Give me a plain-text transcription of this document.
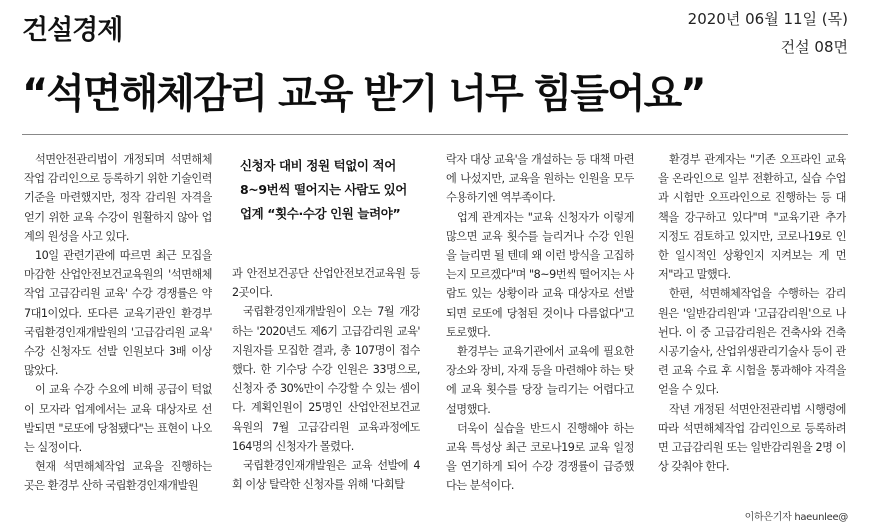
건설경제	2020년 06월 11일 (목)
건설 08면
“석면해체감리 교육 받기 너무 힘들어요”

석면안전관리법이 개정되며 석면해체작업 감리인으로 등록하기 위한 기술인력기준을 마련했지만, 정작 감리원 자격을 얻기 위한 교육 수강이 원활하지 않아 업계의 원성을 사고 있다.

10일 관련기관에 따르면 최근 모집을 마감한 산업안전보건교육원의 '석면해체작업 고급감리원 교육' 수강 경쟁률은 약 7대1이었다. 또다른 교육기관인 환경부 국립환경인재개발원의 '고급감리원 교육' 수강 신청자도 선발 인원보다 3배 이상 많았다.

이 교육 수강 수요에 비해 공급이 턱없이 모자라 업계에서는 교육 대상자로 선발되면 "로또에 당첨됐다"는 표현이 나오는 실정이다.

현재 석면해체작업 교육을 진행하는 곳은 환경부 산하 국립환경인재개발원

신청자 대비 정원 턱없이 적어
8~9번씩 떨어지는 사람도 있어
업계 “횟수·수강 인원 늘려야”

과 안전보건공단 산업안전보건교육원 등 2곳이다.

국립환경인재개발원이 오는 7월 개강하는 '2020년도 제6기 고급감리원 교육' 지원자를 모집한 결과, 총 107명이 접수했다. 한 기수당 수강 인원은 33명으로, 신청자 중 30%만이 수강할 수 있는 셈이다. 계획인원이 25명인 산업안전보건교육원의 7월 고급감리원 교육과정에도 164명의 신청자가 몰렸다.

국립환경인재개발원은 교육 선발에 4회 이상 탈락한 신청자를 위해 '다회탈

락자 대상 교육'을 개설하는 등 대책 마련에 나섰지만, 교육을 원하는 인원을 모두 수용하기엔 역부족이다.

업계 관계자는 "교육 신청자가 이렇게 많으면 교육 횟수를 늘리거나 수강 인원을 늘리면 될 텐데 왜 이런 방식을 고집하는지 모르겠다"며 "8~9번씩 떨어지는 사람도 있는 상황이라 교육 대상자로 선발되면 로또에 당첨된 것이나 다름없다"고 토로했다.

환경부는 교육기관에서 교육에 필요한 장소와 장비, 자재 등을 마련해야 하는 탓에 교육 횟수를 당장 늘리기는 어렵다고 설명했다.

더욱이 실습을 반드시 진행해야 하는 교육 특성상 최근 코로나19로 교육 일정을 연기하게 되어 수강 경쟁률이 급증했다는 분석이다.

환경부 관계자는 "기존 오프라인 교육을 온라인으로 일부 전환하고, 실습 수업과 시험만 오프라인으로 진행하는 등 대책을 강구하고 있다"며 "교육기관 추가 지정도 검토하고 있지만, 코로나19로 인한 일시적인 상황인지 지켜보는 게 먼저"라고 말했다.

한편, 석면해체작업을 수행하는 감리원은 '일반감리원'과 '고급감리원'으로 나뉜다. 이 중 고급감리원은 건축사와 건축시공기술사, 산업위생관리기술사 등이 관련 교육 수료 후 시험을 통과해야 자격을 얻을 수 있다.

작년 개정된 석면안전관리법 시행령에 따라 석면해체작업 감리인으로 등록하려면 고급감리원 또는 일반감리원을 2명 이상 갖춰야 한다.

이하은기자 haeunlee@
